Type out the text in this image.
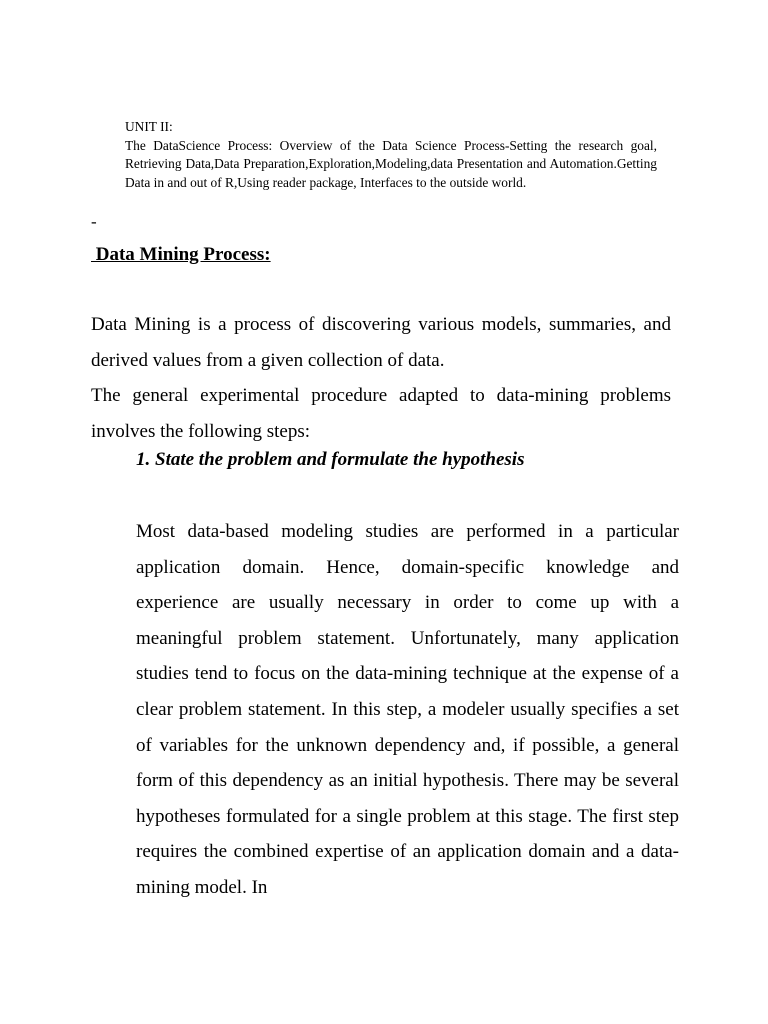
UNIT II:

The DataScience Process: Overview of the Data Science Process-Setting the research goal, Retrieving Data,Data Preparation,Exploration,Modeling,data Presentation and Automation.Getting Data in and out of R,Using reader package, Interfaces to the outside world.

-
Data Mining Process:

Data Mining is a process of discovering various models, summaries, and derived values from a given collection of data.

The general experimental procedure adapted to data-mining problems involves the following steps:

1. State the problem and formulate the hypothesis

Most data-based modeling studies are performed in a particular application domain. Hence, domain-specific knowledge and experience are usually necessary in order to come up with a meaningful problem statement. Unfortunately, many application studies tend to focus on the data-mining technique at the expense of a clear problem statement. In this step, a modeler usually specifies a set of variables for the unknown dependency and, if possible, a general form of this dependency as an initial hypothesis. There may be several hypotheses formulated for a single problem at this stage. The first step requires the combined expertise of an application domain and a data-mining model. In
